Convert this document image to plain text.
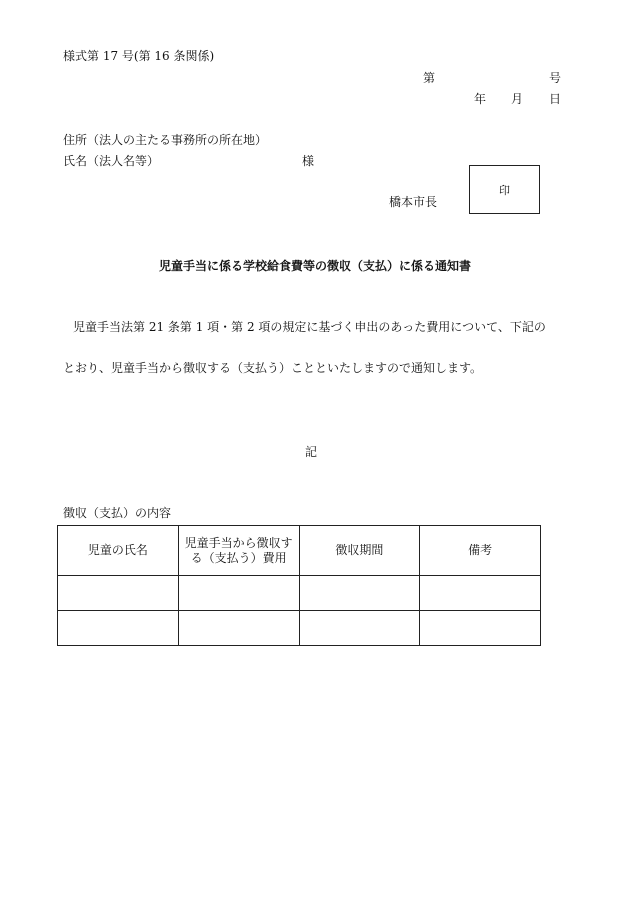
様式第 17 号(第 16 条関係)
第	号
年 月 日
住所（法人の主たる事務所の所在地）
氏名（法人名等）	様
橋本市長
印
児童手当に係る学校給食費等の徴収（支払）に係る通知書
児童手当法第 21 条第 1 項・第 2 項の規定に基づく申出のあった費用について、下記の
とおり、児童手当から徴収する（支払う）ことといたしますので通知します。
記
徴収（支払）の内容
児童の氏名	児童手当から徴収する（支払う）費用	徴収期間	備考
